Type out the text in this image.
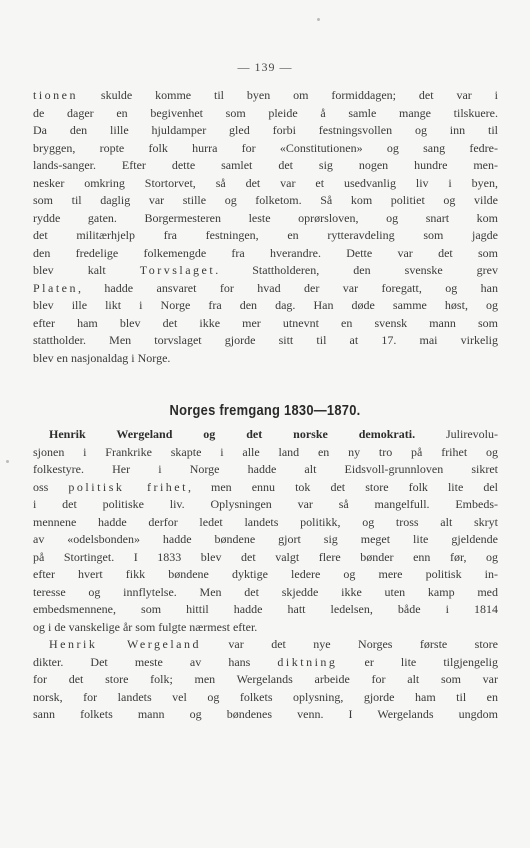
— 139 —
tionen skulde komme til byen om formiddagen; det var i
de dager en begivenhet som pleide å samle mange tilskuere.
Da den lille hjuldamper gled forbi festningsvollen og inn til
bryggen, ropte folk hurra for «Constitutionen» og sang fedre-
lands-sanger. Efter dette samlet det sig nogen hundre men-
nesker omkring Stortorvet, så det var et usedvanlig liv i byen,
som til daglig var stille og folketom. Så kom politiet og vilde
rydde gaten. Borgermesteren leste oprørsloven, og snart kom
det militærhjelp fra festningen, en rytteravdeling som jagde
den fredelige folkemengde fra hverandre. Dette var det som
blev kalt Torvslaget. Stattholderen, den svenske grev
Platen, hadde ansvaret for hvad der var foregatt, og han
blev ille likt i Norge fra den dag. Han døde samme høst, og
efter ham blev det ikke mer utnevnt en svensk mann som
stattholder. Men torvslaget gjorde sitt til at 17. mai virkelig
blev en nasjonaldag i Norge.
Norges fremgang 1830—1870.
Henrik Wergeland og det norske demokrati. Julirevolu-
sjonen i Frankrike skapte i alle land en ny tro på frihet og
folkestyre. Her i Norge hadde alt Eidsvoll-grunnloven sikret
oss politisk frihet, men ennu tok det store folk lite del
i det politiske liv. Oplysningen var så mangelfull. Embeds-
mennene hadde derfor ledet landets politikk, og tross alt skryt
av «odelsbonden» hadde bøndene gjort sig meget lite gjeldende
på Stortinget. I 1833 blev det valgt flere bønder enn før, og
efter hvert fikk bøndene dyktige ledere og mere politisk in-
teresse og innflytelse. Men det skjedde ikke uten kamp med
embedsmennene, som hittil hadde hatt ledelsen, både i 1814
og i de vanskelige år som fulgte nærmest efter.
Henrik Wergeland var det nye Norges første store
dikter. Det meste av hans diktning er lite tilgjengelig
for det store folk; men Wergelands arbeide for alt som var
norsk, for landets vel og folkets oplysning, gjorde ham til en
sann folkets mann og bøndenes venn. I Wergelands ungdom
